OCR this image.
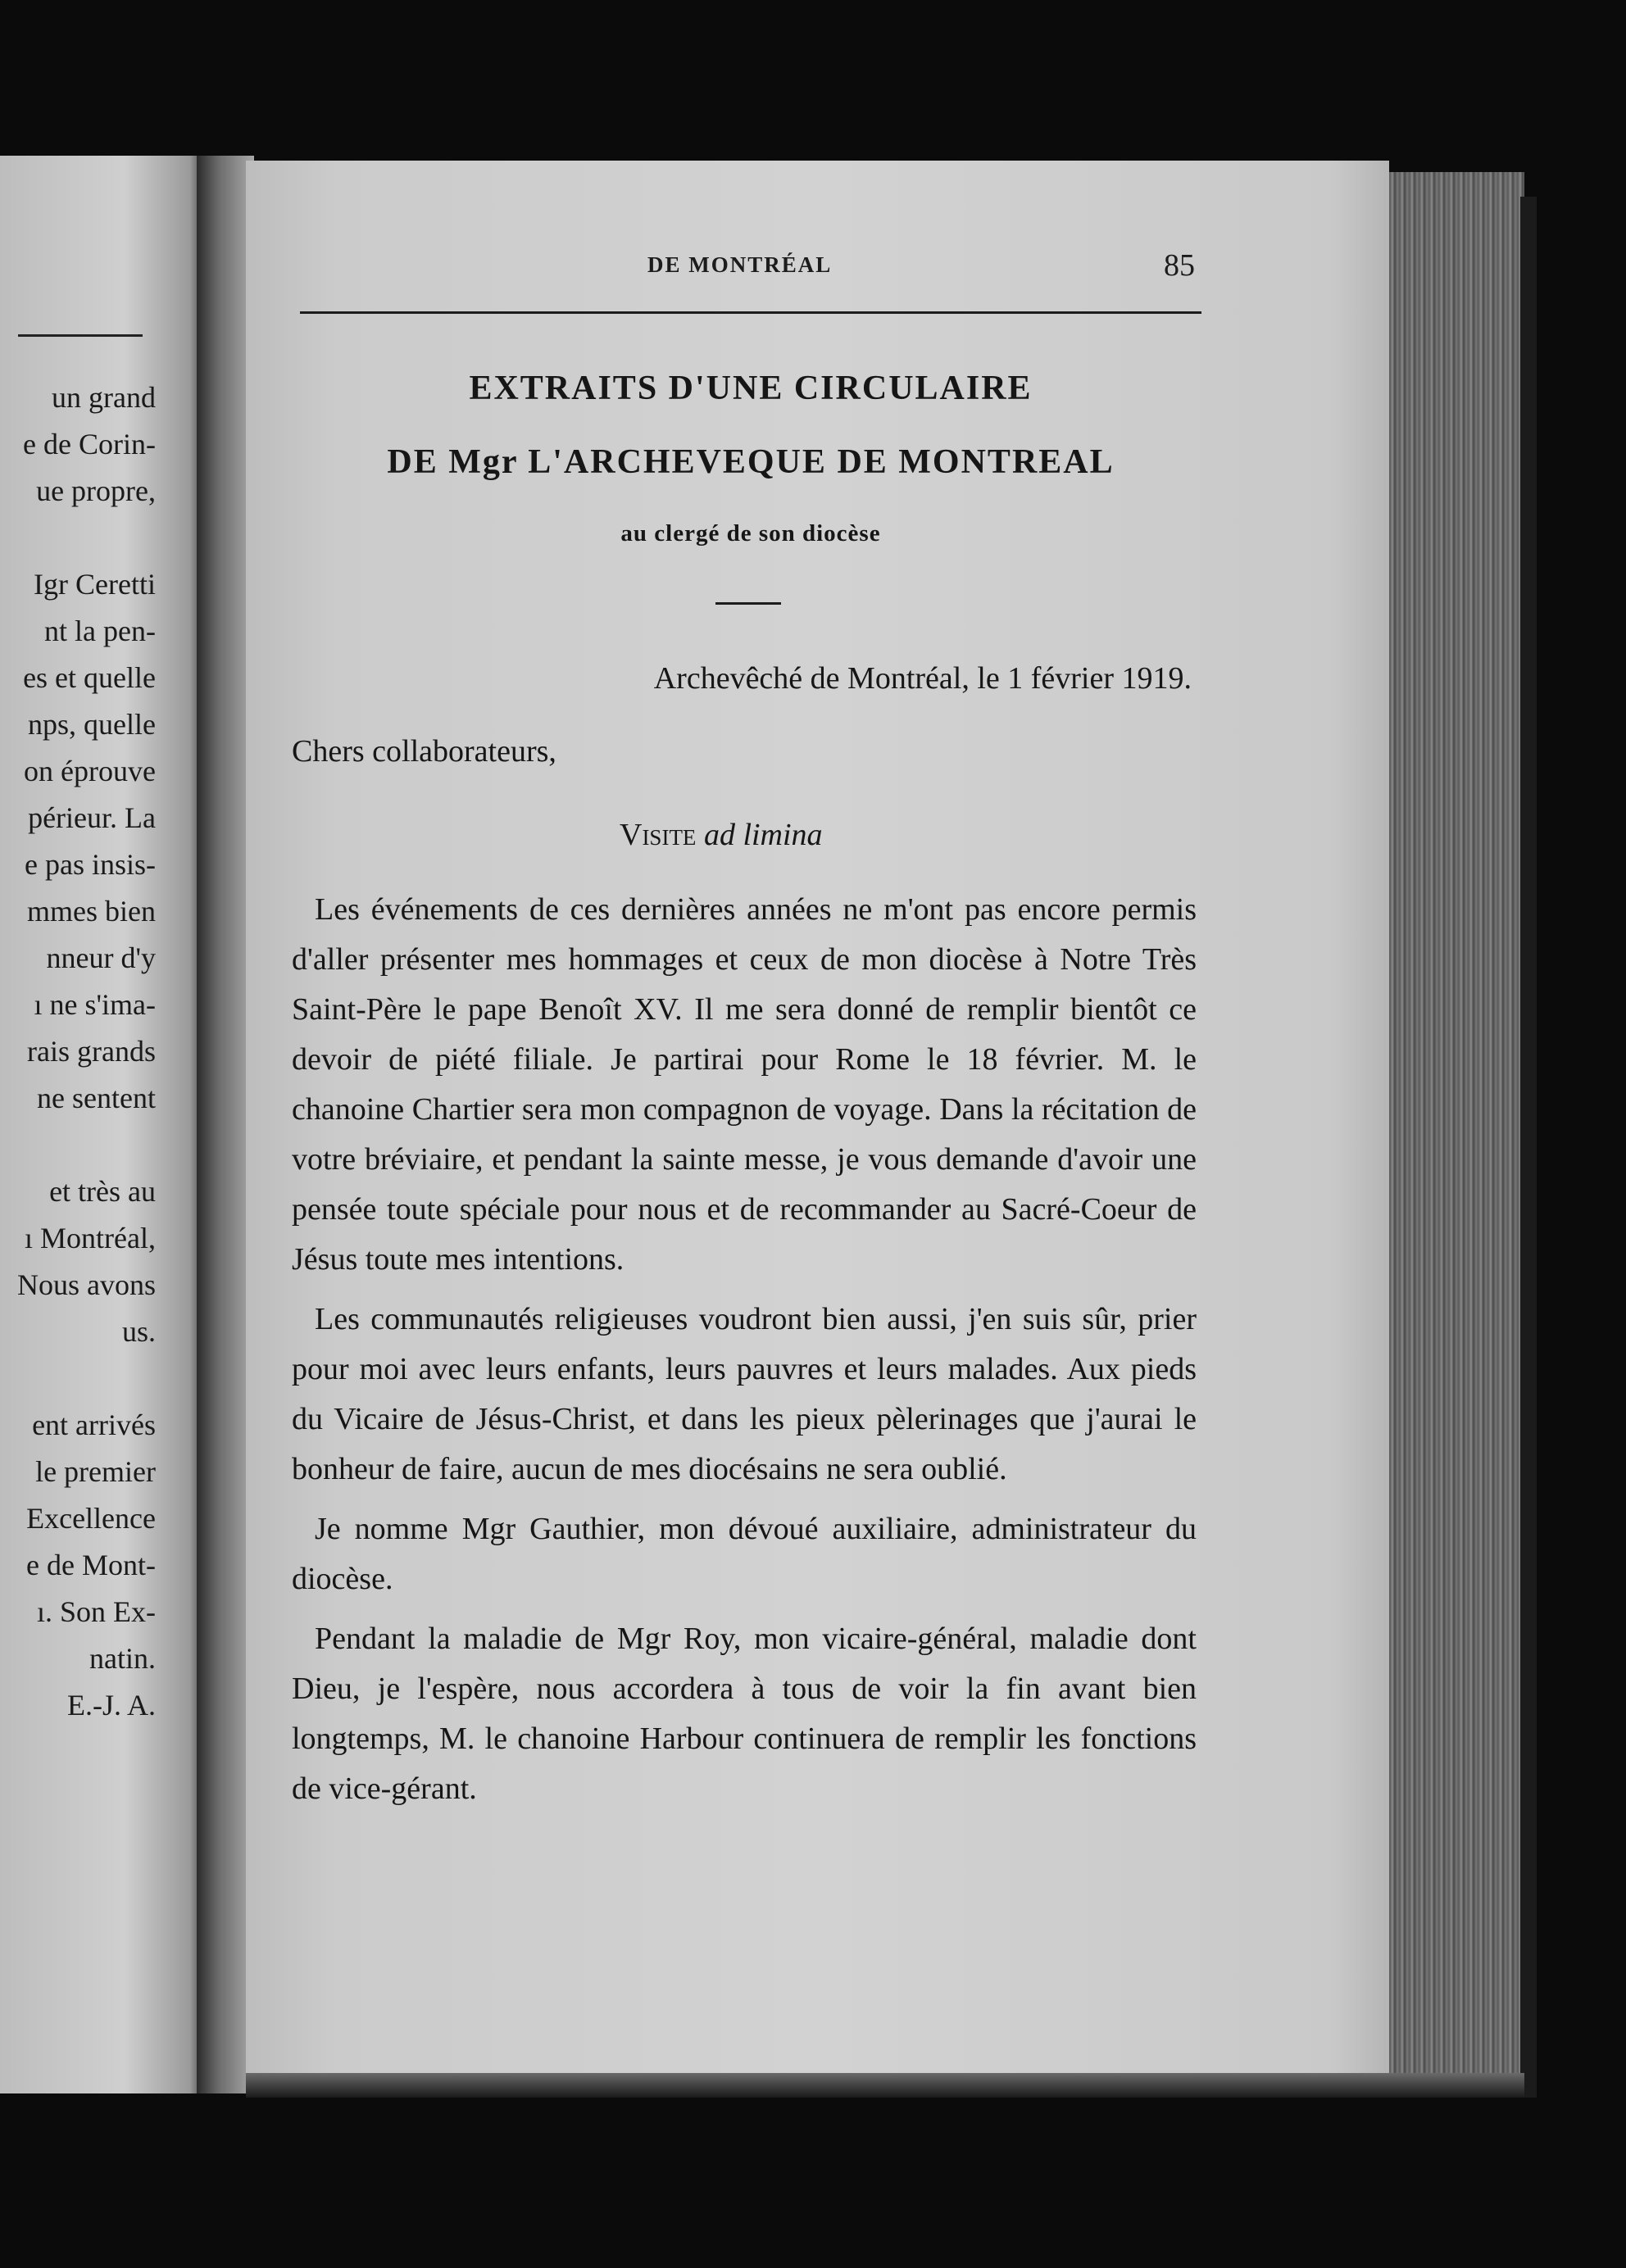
un grand
e de Corin-
ue propre,
Igr Ceretti
nt la pen-
es et quelle
nps, quelle
on éprouve
périeur. La
e pas insis-
mmes bien
nneur d'y
ı ne s'ima-
rais grands
ne sentent
et très au
ı Montréal,
Nous avons
us.
ent arrivés
le premier
Excellence
e de Mont-
ı. Son Ex-
natin.
E.-J. A.
DE MONTRÉAL	85
EXTRAITS D'UNE CIRCULAIRE
DE Mgr L'ARCHEVEQUE DE MONTREAL
au clergé de son diocèse
Archevêché de Montréal, le 1 février 1919.
Chers collaborateurs,
Visite ad limina

Les événements de ces dernières années ne m'ont pas encore permis d'aller présenter mes hommages et ceux de mon diocèse à Notre Très Saint-Père le pape Benoît XV. Il me sera donné de remplir bientôt ce devoir de piété filiale. Je partirai pour Rome le 18 février. M. le chanoine Chartier sera mon compagnon de voyage. Dans la récitation de votre bréviaire, et pendant la sainte messe, je vous demande d'avoir une pensée toute spéciale pour nous et de recommander au Sacré-Coeur de Jésus toute mes intentions.

Les communautés religieuses voudront bien aussi, j'en suis sûr, prier pour moi avec leurs enfants, leurs pauvres et leurs malades. Aux pieds du Vicaire de Jésus-Christ, et dans les pieux pèlerinages que j'aurai le bonheur de faire, aucun de mes diocésains ne sera oublié.

Je nomme Mgr Gauthier, mon dévoué auxiliaire, administrateur du diocèse.

Pendant la maladie de Mgr Roy, mon vicaire-général, maladie dont Dieu, je l'espère, nous accordera à tous de voir la fin avant bien longtemps, M. le chanoine Harbour continuera de remplir les fonctions de vice-gérant.
